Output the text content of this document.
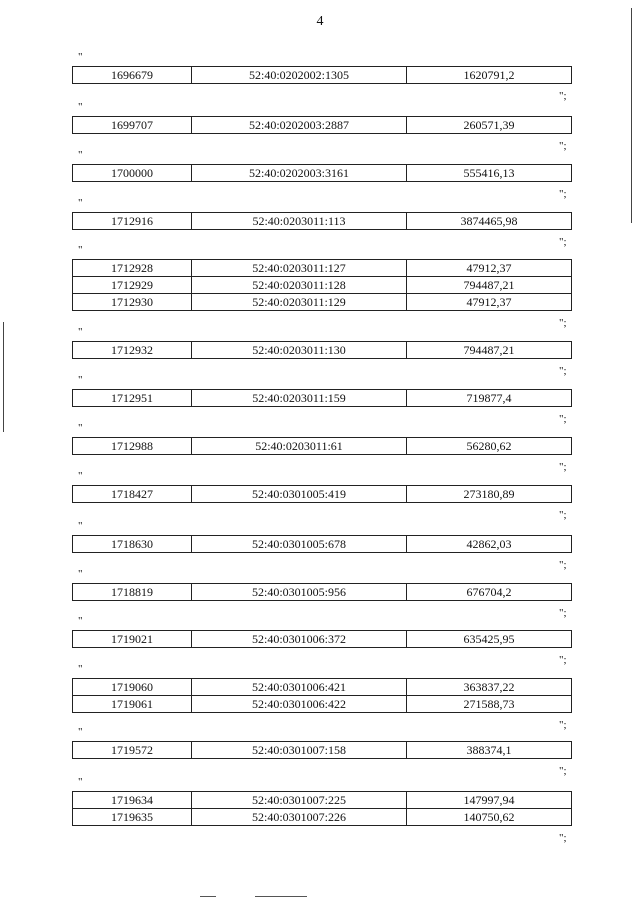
4
"
1696679	52:40:0202002:1305	1620791,2
";
"
1699707	52:40:0202003:2887	260571,39
";
"
1700000	52:40:0202003:3161	555416,13
";
"
1712916	52:40:0203011:113	3874465,98
";
"
1712928	52:40:0203011:127	47912,37
1712929	52:40:0203011:128	794487,21
1712930	52:40:0203011:129	47912,37
";
"
1712932	52:40:0203011:130	794487,21
";
"
1712951	52:40:0203011:159	719877,4
";
"
1712988	52:40:0203011:61	56280,62
";
"
1718427	52:40:0301005:419	273180,89
";
"
1718630	52:40:0301005:678	42862,03
";
"
1718819	52:40:0301005:956	676704,2
";
"
1719021	52:40:0301006:372	635425,95
";
"
1719060	52:40:0301006:421	363837,22
1719061	52:40:0301006:422	271588,73
";
"
1719572	52:40:0301007:158	388374,1
";
"
1719634	52:40:0301007:225	147997,94
1719635	52:40:0301007:226	140750,62
";
